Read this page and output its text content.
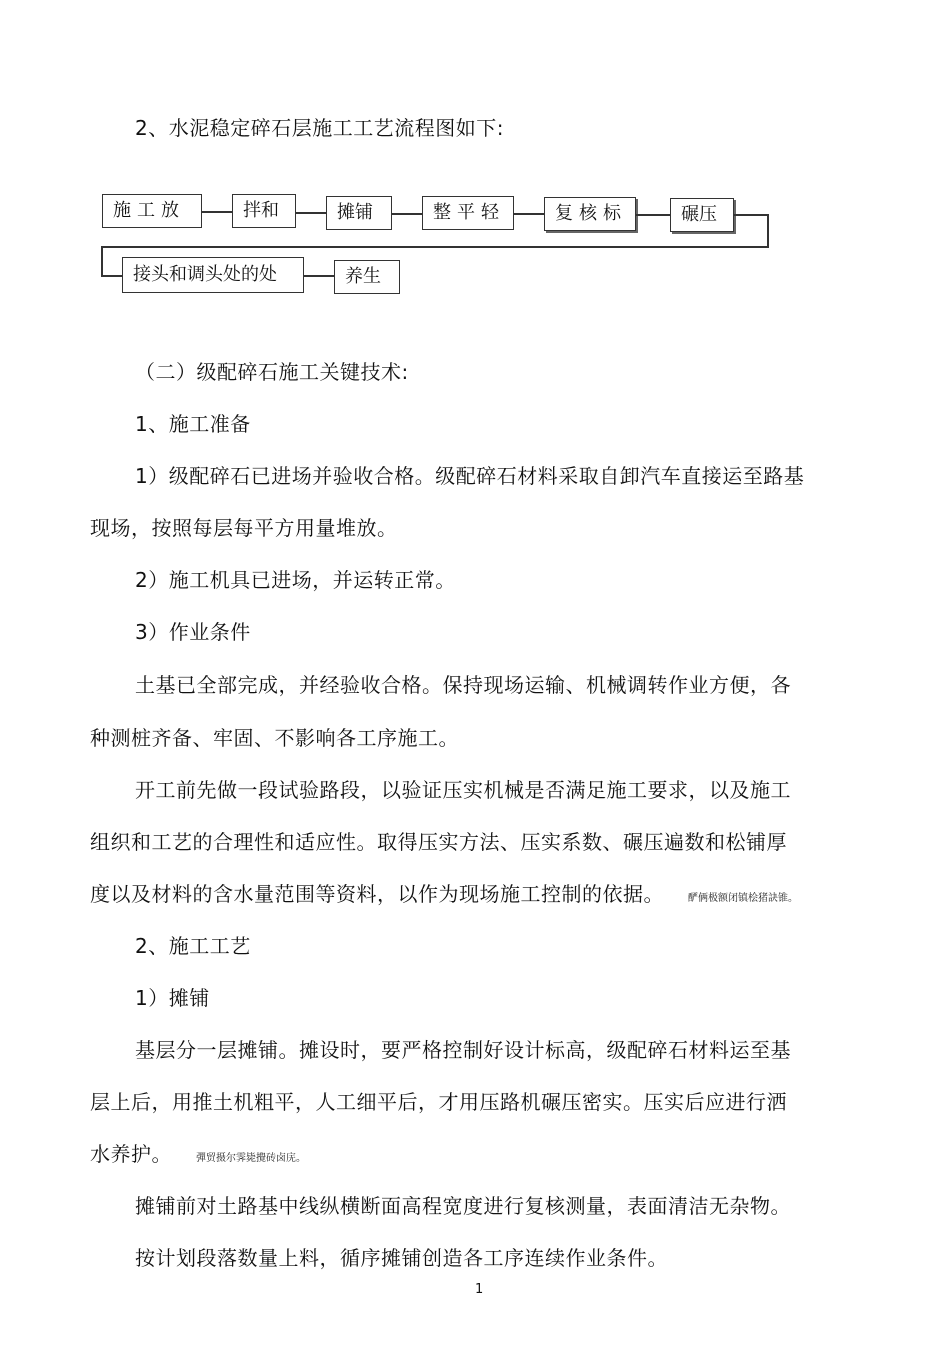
2、水泥稳定碎石层施工工艺流程图如下:
施工放	拌和	摊铺	整平轻	复核标	碾压
接头和调头处的处	养生
（二）级配碎石施工关键技术:
1、施工准备
1）级配碎石已进场并验收合格。级配碎石材料采取自卸汽车直接运至路基
现场，按照每层每平方用量堆放。
2）施工机具已进场，并运转正常。
3）作业条件
土基已全部完成，并经验收合格。保持现场运输、机械调转作业方便，各
种测桩齐备、牢固、不影响各工序施工。
开工前先做一段试验路段，以验证压实机械是否满足施工要求，以及施工
组织和工艺的合理性和适应性。取得压实方法、压实系数、碾压遍数和松铺厚
度以及材料的含水量范围等资料，以作为现场施工控制的依据。 酽俩极额闭镇桧猪訣锥。
2、施工工艺
1）摊铺
基层分一层摊铺。摊设时，要严格控制好设计标高，级配碎石材料运至基
层上后，用推土机粗平，人工细平后，才用压路机碾压密实。压实后应进行洒
水养护。 彈贸摄尔霁毙攪砖卤庑。
摊铺前对土路基中线纵横断面高程宽度进行复核测量，表面清洁无杂物。
按计划段落数量上料，循序摊铺创造各工序连续作业条件。
1
